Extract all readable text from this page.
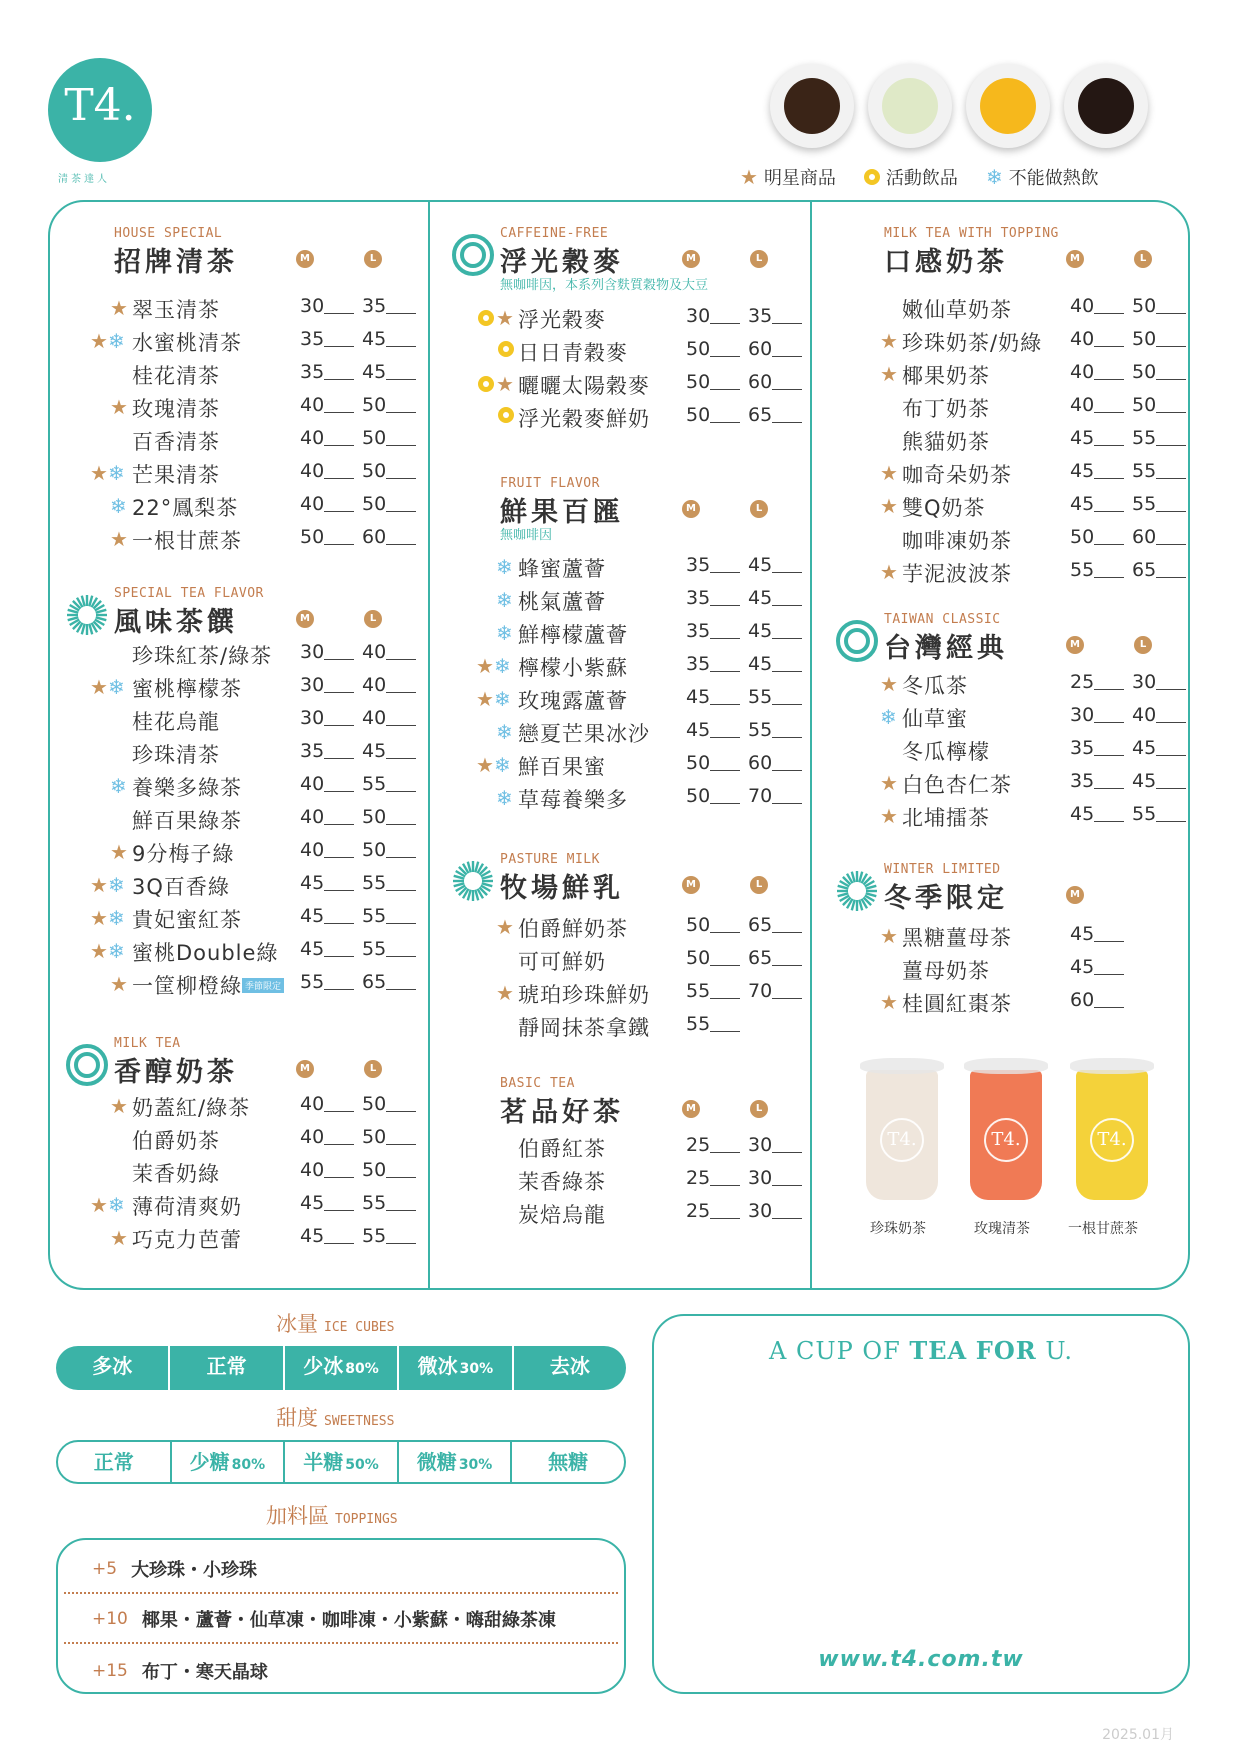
T4.
清茶達人	★ 明星商品	活動飲品 ❄ 不能做熱飲
HOUSE SPECIAL
招牌清茶	M	L
★ 翠玉清茶	30 35
★ ❄ 水蜜桃清茶	35 45
桂花清茶	35 45
★ 玫瑰清茶	40 50
百香清茶	40 50
★ ❄ 芒果清茶	40 50
❄ 22°鳳梨茶	40 50
★ 一根甘蔗茶	50 60
SPECIAL TEA FLAVOR
風味茶饌	M	L
珍珠紅茶/綠茶 30 40
★ ❄ 蜜桃檸檬茶	30 40
桂花烏龍	30 40
珍珠清茶	35 45
❄ 養樂多綠茶	40 55
鮮百果綠茶	40 50
★ 9分梅子綠	40 50
★ ❄ 3Q百香綠	45 55
★ ❄ 貴妃蜜紅茶	45 55
★ ❄ 蜜桃Double綠 45 55
★ 一筐柳橙綠 季節限定 55 65
MILK TEA
香醇奶茶	M	L
★ 奶蓋紅/綠茶	40 50
伯爵奶茶	40 50
茉香奶綠	40 50
★ ❄ 薄荷清爽奶	45 55
★ 巧克力芭蕾	45 55
CAFFEINE-FREE
浮光穀麥
無咖啡因，本系列含麩質穀物及大豆
M	L
★ 浮光穀麥	30 35
日日青穀麥	50 60
★ 曬曬太陽穀麥 50 60
浮光穀麥鮮奶 50 65
FRUIT FLAVOR
鮮果百匯
無咖啡因
M	L
❄ 蜂蜜蘆薈	35 45
❄ 桃氣蘆薈	35 45
❄ 鮮檸檬蘆薈	35 45
★ ❄ 檸檬小紫蘇	35 45
★ ❄ 玫瑰露蘆薈	45 55
❄ 戀夏芒果冰沙 45 55
★ ❄ 鮮百果蜜	50 60
❄ 草莓養樂多	50 70
PASTURE MILK
牧場鮮乳	M	L
★ 伯爵鮮奶茶	50 65
可可鮮奶	50 65
★ 琥珀珍珠鮮奶 55 70
靜岡抹茶拿鐵 55
BASIC TEA
茗品好茶	M	L
伯爵紅茶	25 30
茉香綠茶	25 30
炭焙烏龍	25 30
MILK TEA WITH TOPPING
口感奶茶	M	L
嫩仙草奶茶	40 50
★ 珍珠奶茶/奶綠 40 50
★ 椰果奶茶	40 50
布丁奶茶	40 50
熊貓奶茶	45 55
★ 咖奇朵奶茶	45 55
★ 雙Q奶茶	45 55
咖啡凍奶茶	50 60
★ 芋泥波波茶	55 65
TAIWAN CLASSIC
台灣經典	M	L
★ 冬瓜茶	25 30
❄ 仙草蜜	30 40
冬瓜檸檬	35 45
★ 白色杏仁茶	35 45
★ 北埔擂茶	45 55
WINTER LIMITED
冬季限定	M
★ 黑糖薑母茶	45
薑母奶茶	45
★ 桂圓紅棗茶	60
T4.
珍珠奶茶
T4.
玫瑰清茶
T4.
一根甘蔗茶
冰量 ICE CUBES
多冰	正常	少冰 80%	微冰 30%	去冰
甜度 SWEETNESS
正常	少糖 80%	半糖 50%	微糖 30%	無糖
加料區 TOPPINGS
+5 大珍珠・小珍珠
+10 椰果・蘆薈・仙草凍・咖啡凍・小紫蘇・嗨甜綠茶凍
+15 布丁・寒天晶球
A CUP OF TEA FOR U.
www.t4.com.tw
2025.01月
